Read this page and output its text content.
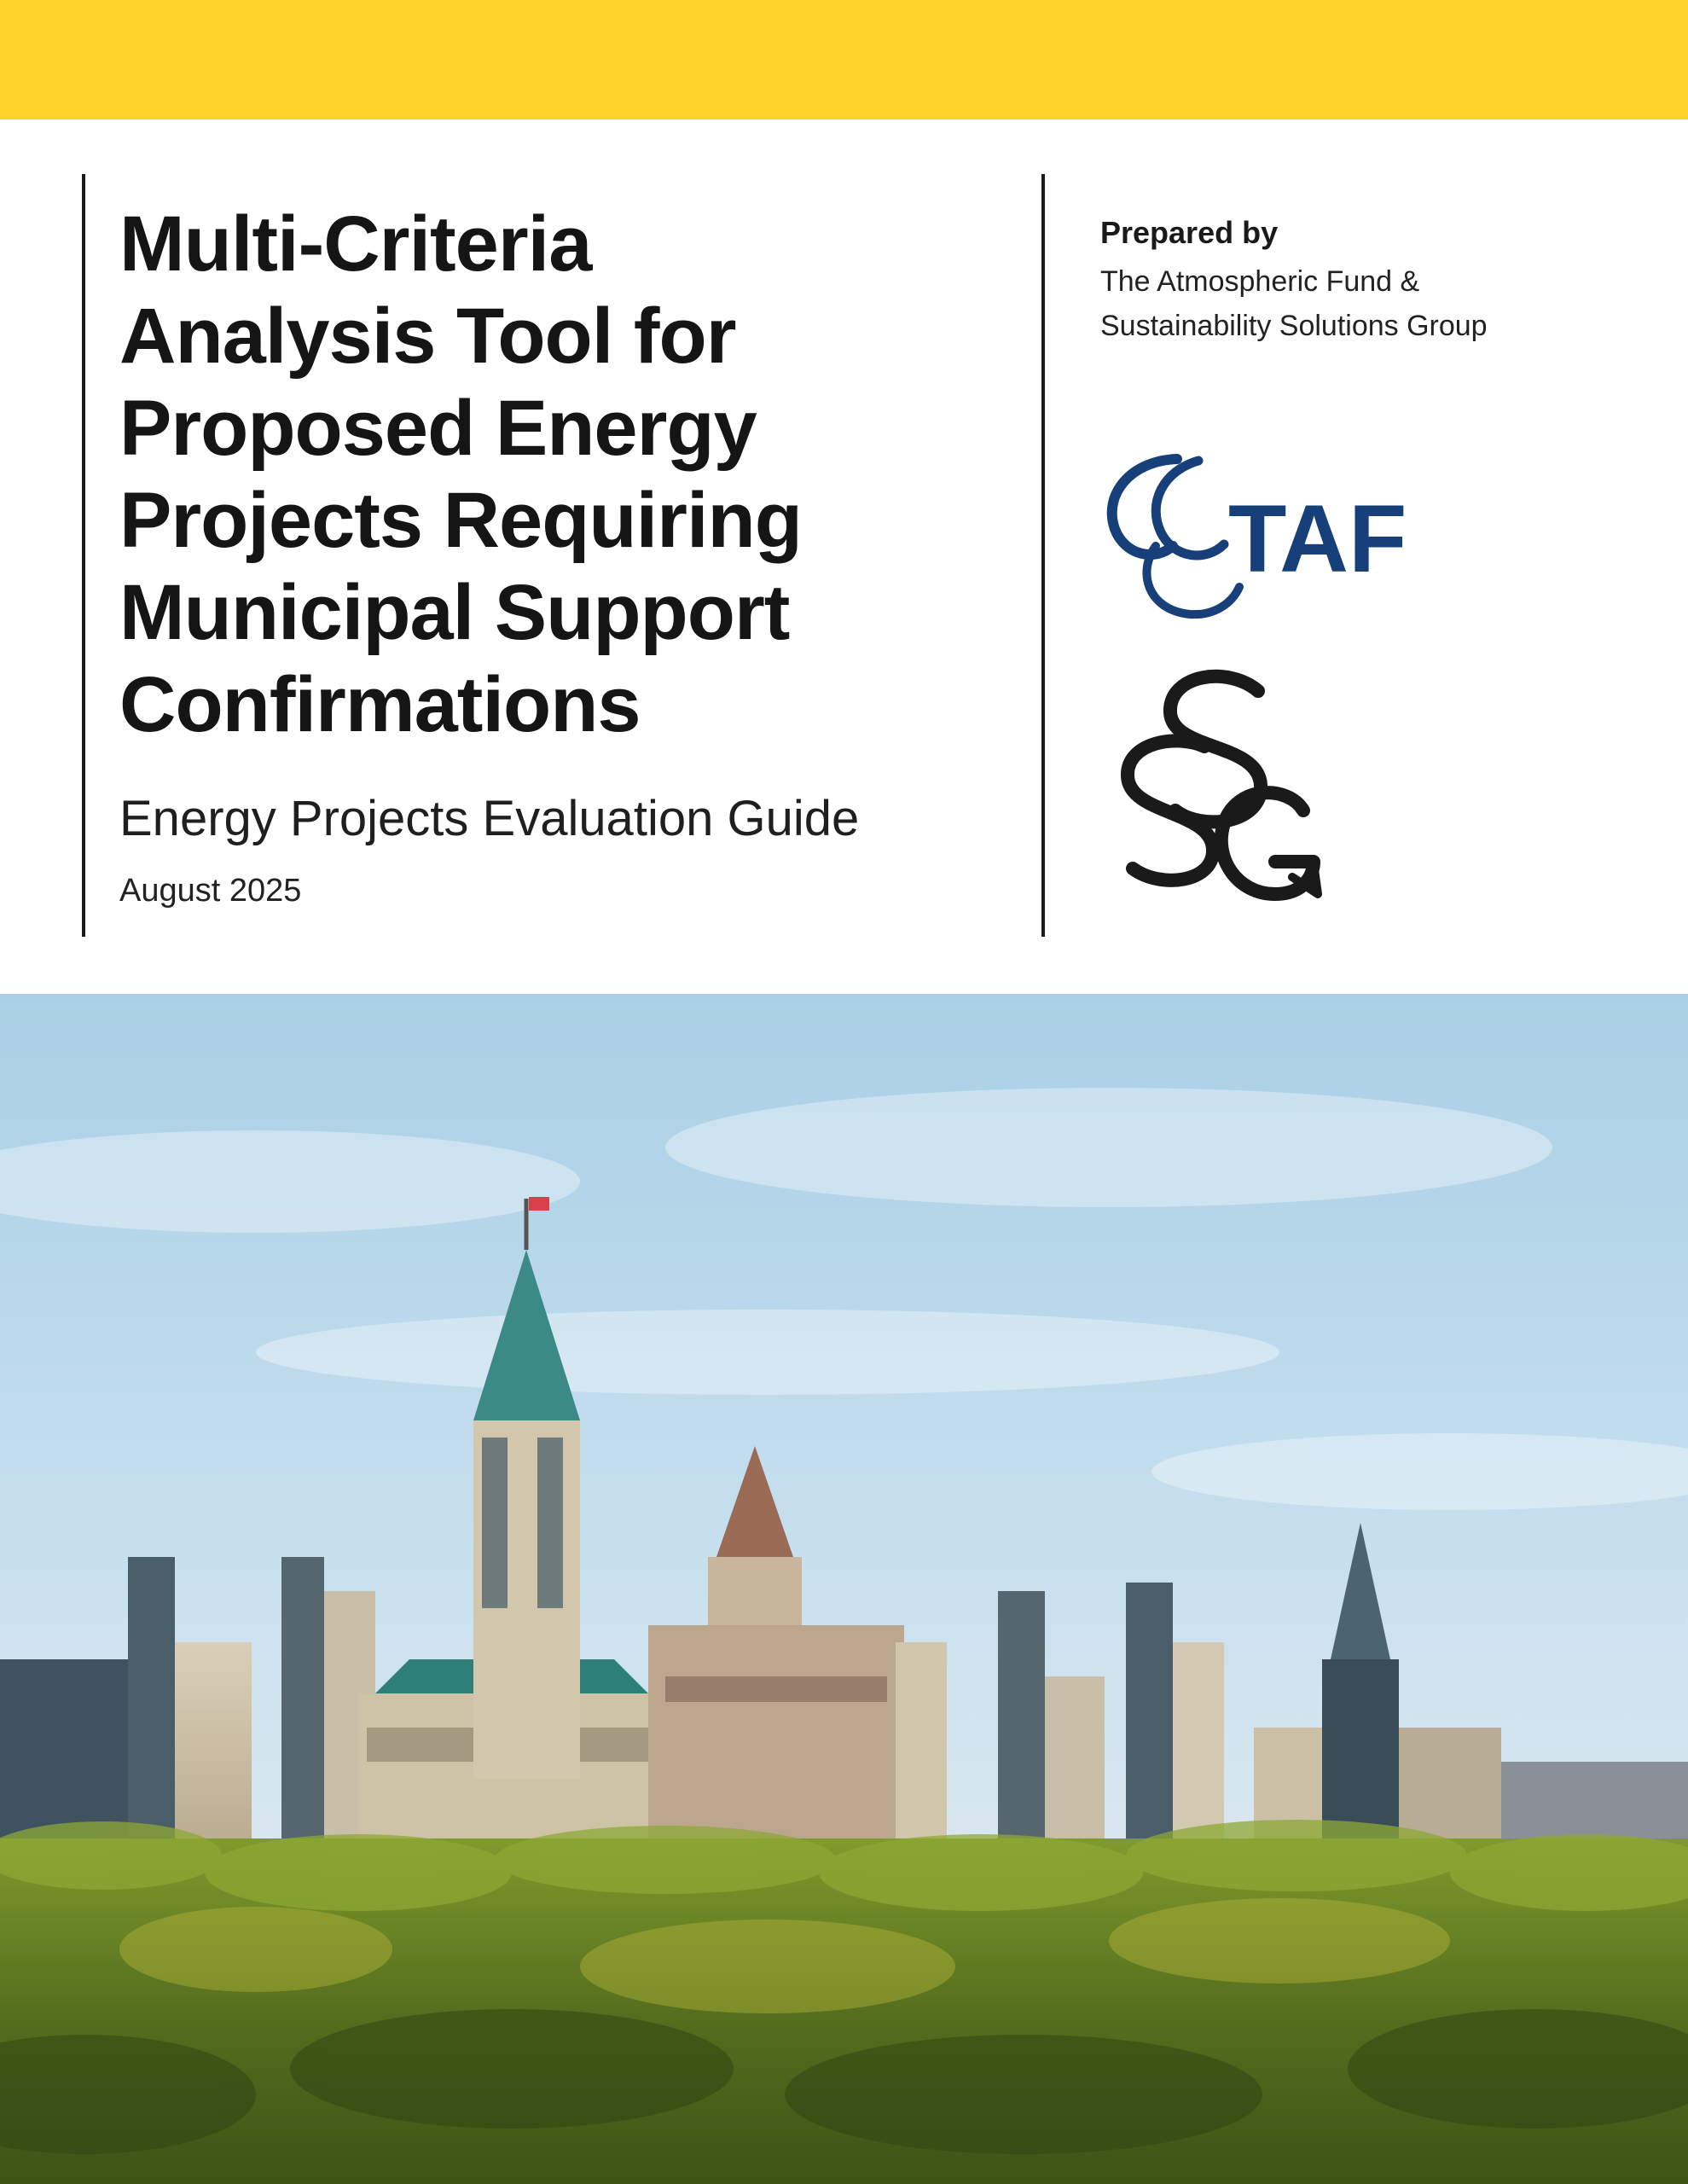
Multi-Criteria
Analysis Tool for
Proposed Energy
Projects Requiring
Municipal Support
Confirmations
Energy Projects Evaluation Guide
August 2025
Prepared by
The Atmospheric Fund &
Sustainability Solutions Group
TAF
